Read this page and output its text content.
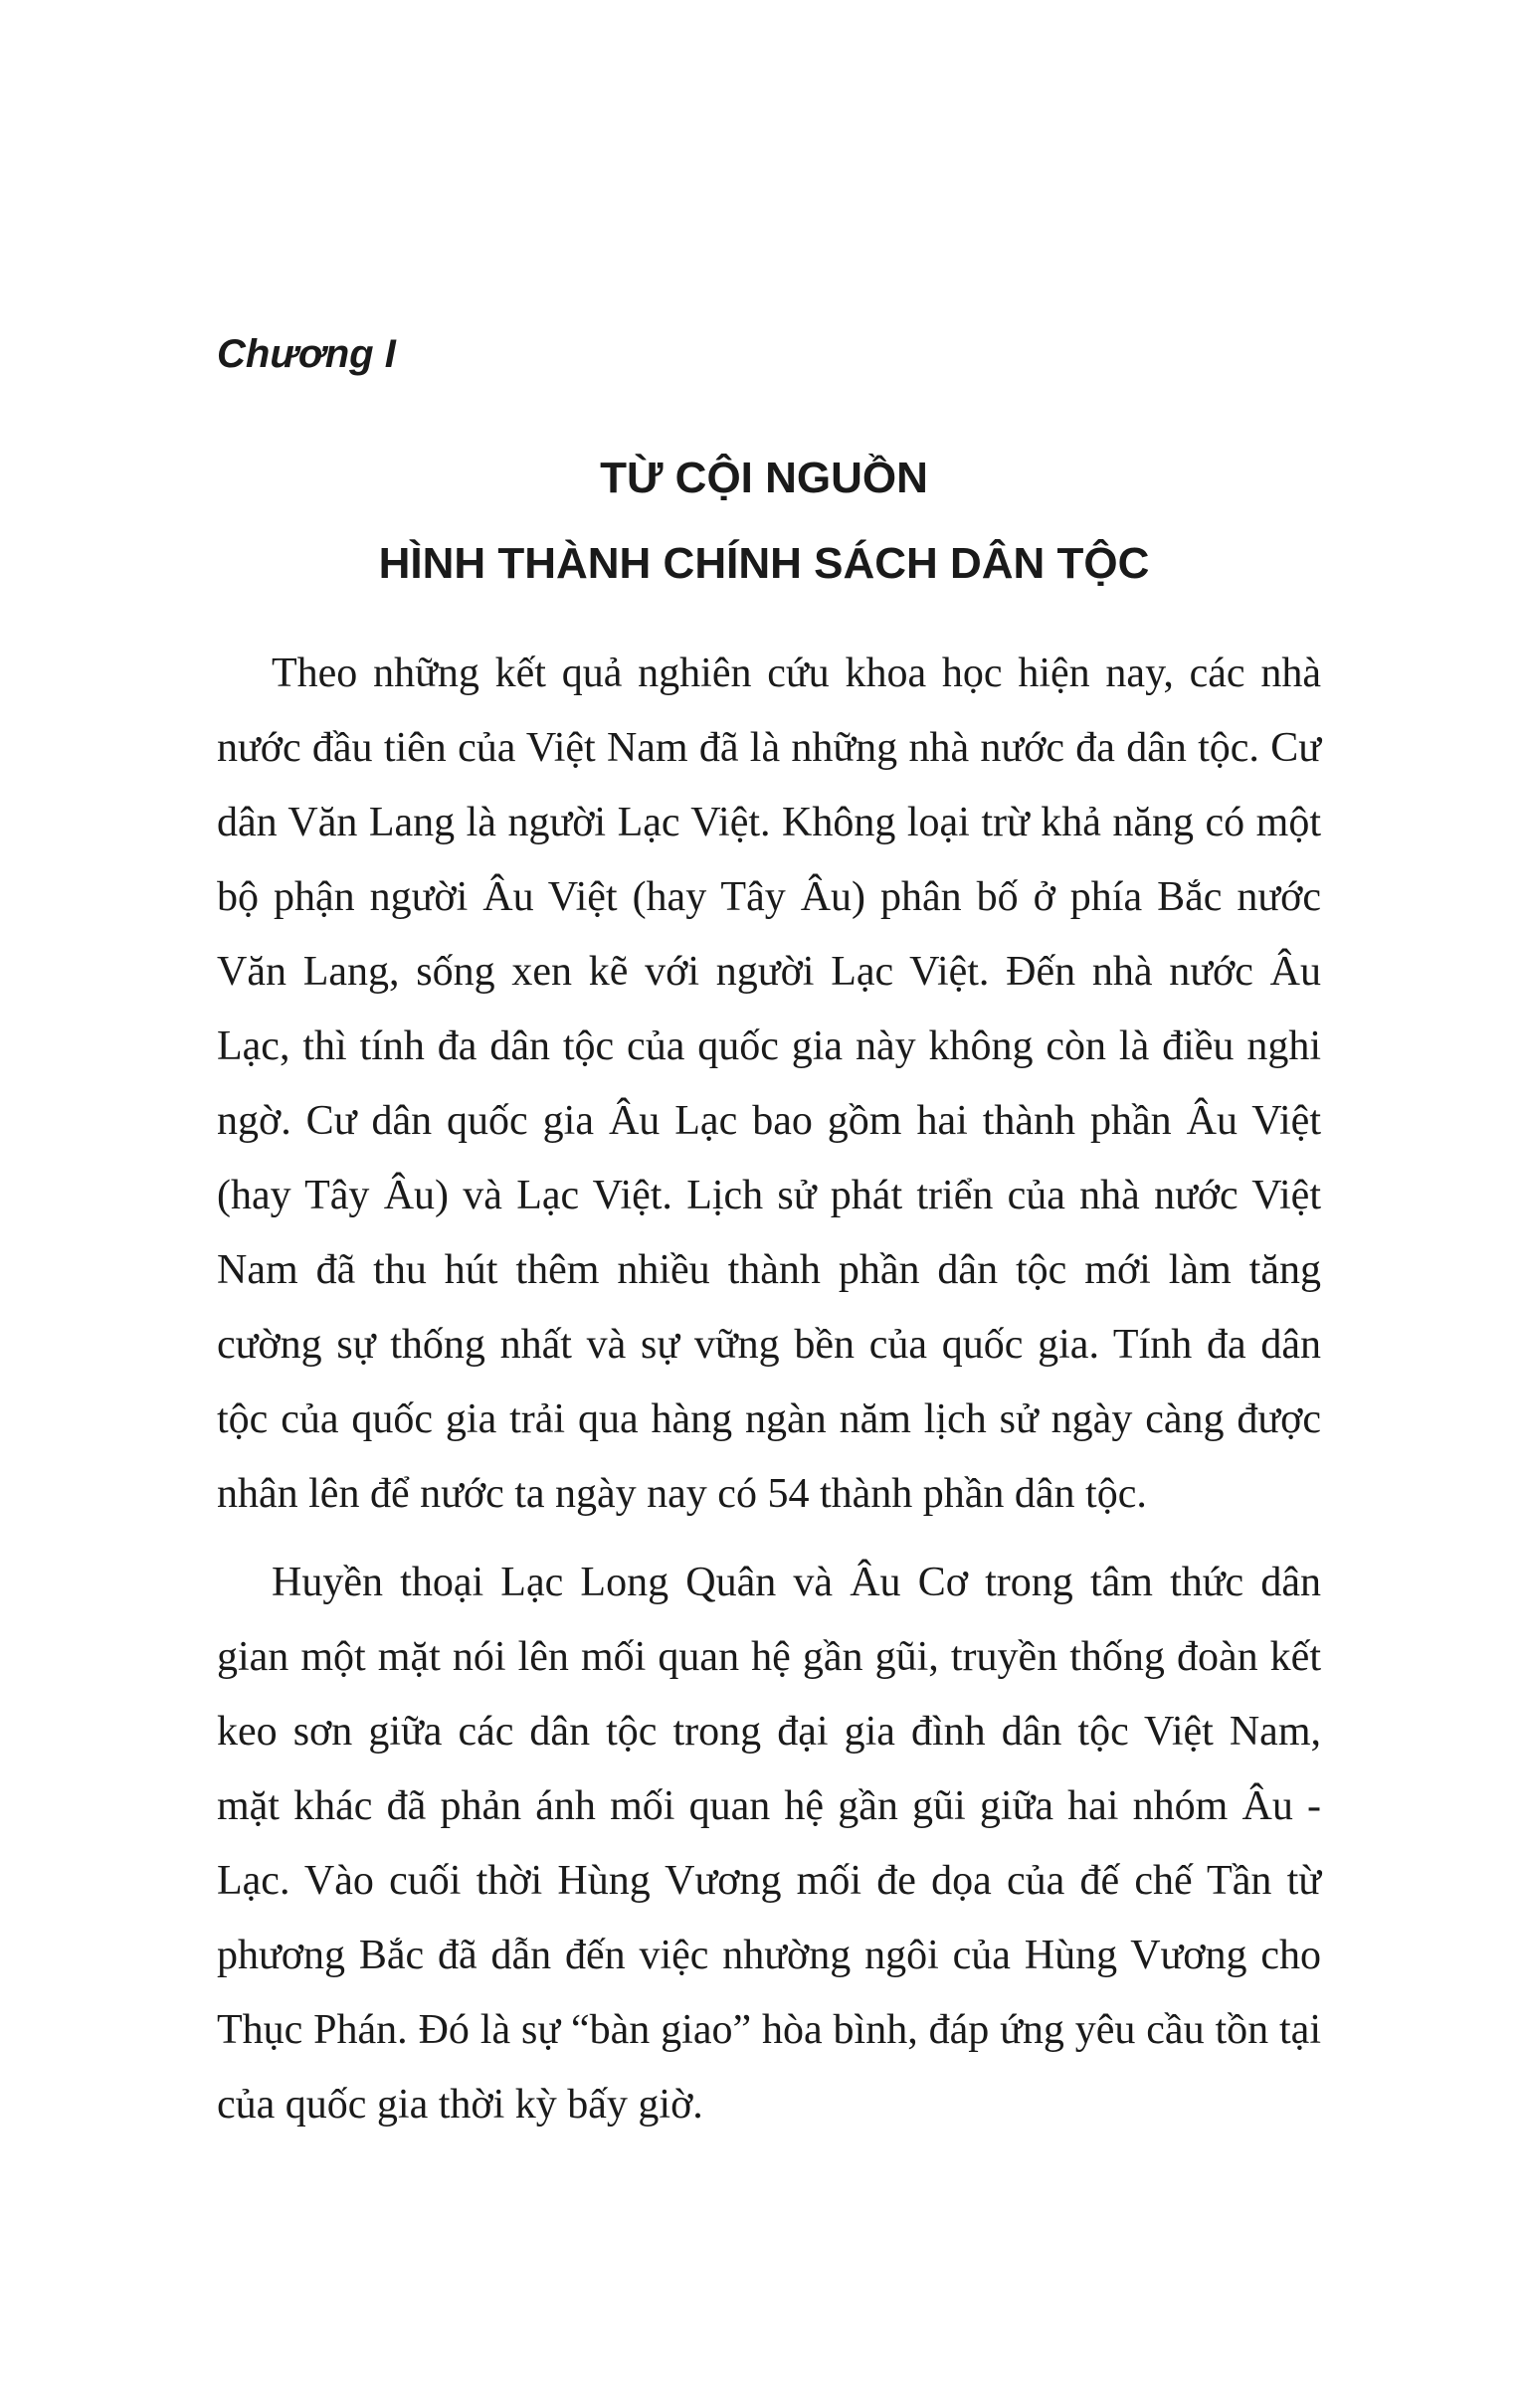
Chương I

TỪ CỘI NGUỒN
HÌNH THÀNH CHÍNH SÁCH DÂN TỘC

Theo những kết quả nghiên cứu khoa học hiện nay, các nhà nước đầu tiên của Việt Nam đã là những nhà nước đa dân tộc. Cư dân Văn Lang là người Lạc Việt. Không loại trừ khả năng có một bộ phận người Âu Việt (hay Tây Âu) phân bố ở phía Bắc nước Văn Lang, sống xen kẽ với người Lạc Việt. Đến nhà nước Âu Lạc, thì tính đa dân tộc của quốc gia này không còn là điều nghi ngờ. Cư dân quốc gia Âu Lạc bao gồm hai thành phần Âu Việt (hay Tây Âu) và Lạc Việt. Lịch sử phát triển của nhà nước Việt Nam đã thu hút thêm nhiều thành phần dân tộc mới làm tăng cường sự thống nhất và sự vững bền của quốc gia. Tính đa dân tộc của quốc gia trải qua hàng ngàn năm lịch sử ngày càng được nhân lên để nước ta ngày nay có 54 thành phần dân tộc.

Huyền thoại Lạc Long Quân và Âu Cơ trong tâm thức dân gian một mặt nói lên mối quan hệ gần gũi, truyền thống đoàn kết keo sơn giữa các dân tộc trong đại gia đình dân tộc Việt Nam, mặt khác đã phản ánh mối quan hệ gần gũi giữa hai nhóm Âu - Lạc. Vào cuối thời Hùng Vương mối đe dọa của đế chế Tần từ phương Bắc đã dẫn đến việc nhường ngôi của Hùng Vương cho Thục Phán. Đó là sự “bàn giao” hòa bình, đáp ứng yêu cầu tồn tại của quốc gia thời kỳ bấy giờ.
